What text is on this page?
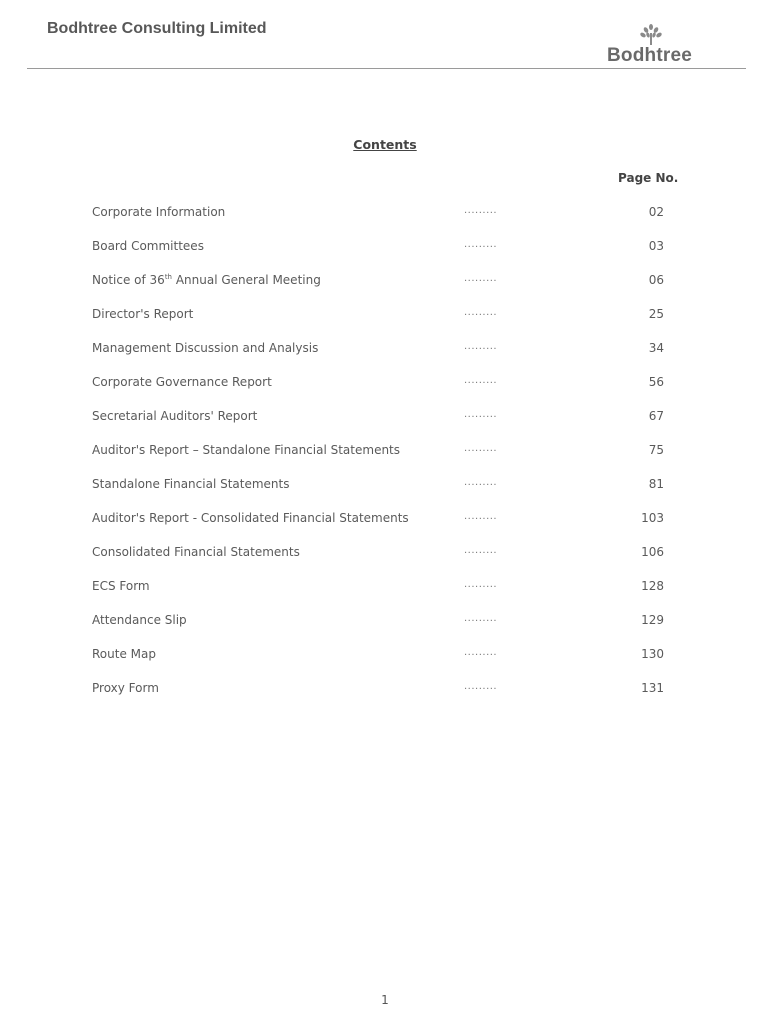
Bodhtree Consulting Limited
Bodhtree
Contents
Page No.
Corporate Information	.........	02
Board Committees	.........	03
Notice of 36th Annual General Meeting	.........	06
Director's Report	.........	25
Management Discussion and Analysis	.........	34
Corporate Governance Report	.........	56
Secretarial Auditors' Report	.........	67
Auditor's Report – Standalone Financial Statements	.........	75
Standalone Financial Statements	.........	81
Auditor's Report - Consolidated Financial Statements	.........	103
Consolidated Financial Statements	.........	106
ECS Form	.........	128
Attendance Slip	.........	129
Route Map	.........	130
Proxy Form	.........	131
1
